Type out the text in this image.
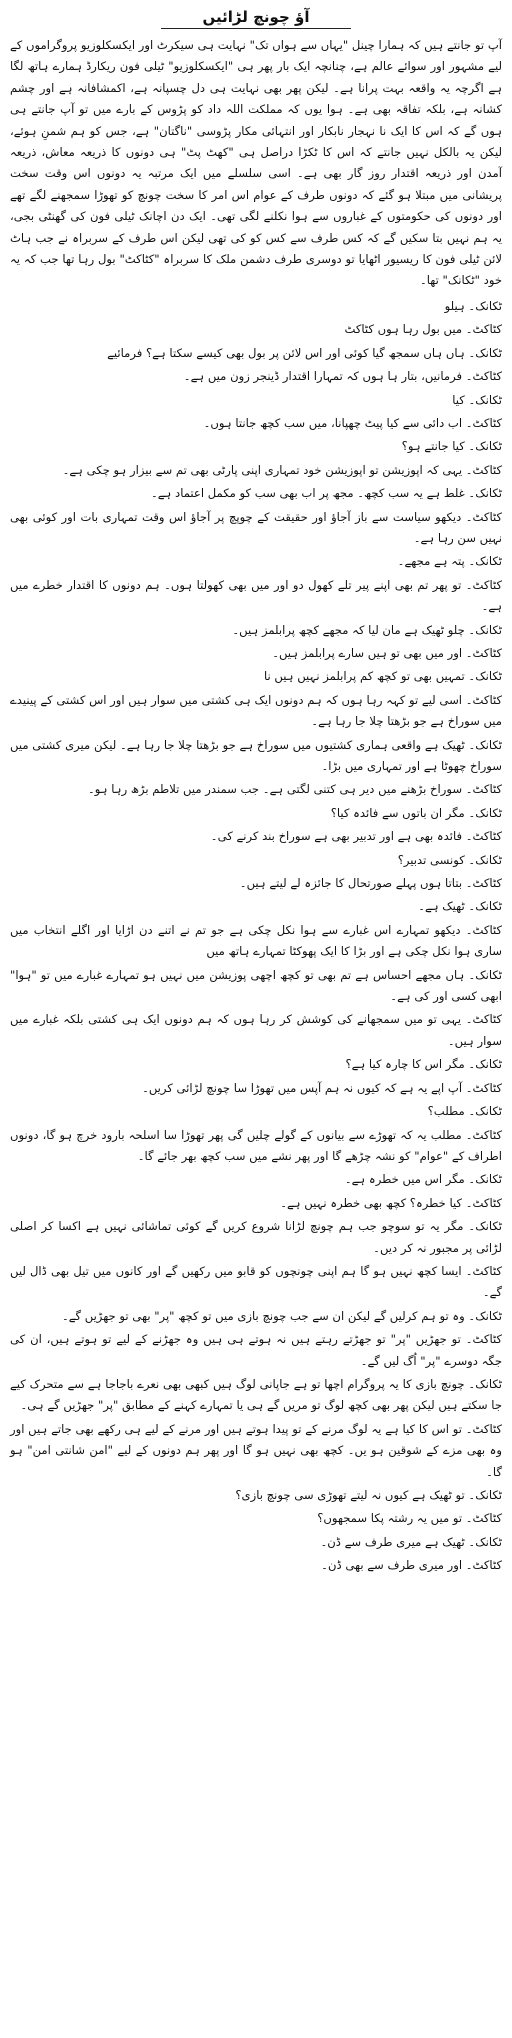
آؤ چونچ لڑائیں
آپ تو جانتے ہیں کہ ہمارا چینل "یہاں سے ہواں تک" نہایت ہی سیکرٹ اور ایکسکلوزیو پروگراموں کے لیے مشہور اور سوائے عالم ہے، چنانچہ ایک بار پھر ہی "ایکسکلوزیو" ٹیلی فون ریکارڈ ہمارے ہاتھ لگا ہے اگرچہ یہ واقعہ بہت پرانا ہے۔ لیکن پھر بھی نہایت ہی دل چسپانہ ہے، اکمشافانہ ہے اور چشم کشانہ ہے، بلکہ تفاقہ بھی ہے۔ ہوا یوں کہ مملکت اللہ داد کو پڑوس کے بارے میں تو آپ جانتے ہی ہوں گے کہ اس کا ایک نا نہجار نابکار اور انتہائی مکار پڑوسی "ناگتان" ہے، جس کو ہم شمنِ ہوئے، لیکن یہ بالکل نہیں جانتے کہ اس کا ٹکڑا دراصل ہی "کھٹ پٹ" ہی دونوں کا ذریعہ معاش، ذریعہ آمدن اور ذریعہ اقتدار روز گار بھی ہے۔ اسی سلسلے میں ایک مرتبہ یہ دونوں اس وقت سخت پریشانی میں مبتلا ہو گئے کہ دونوں طرف کے عوام اس امر کا سخت چونچ کو تھوڑا سمجھنے لگے تھے اور دونوں کی حکومتوں کے غباروں سے ہوا نکلنے لگی تھی۔ ایک دن اچانک ٹیلی فون کی گھنٹی بجی، یہ ہم نہیں بتا سکیں گے کہ کس طرف سے کس کو کی تھی لیکن اس طرف کے سربراہ نے جب ہاٹ لائن ٹیلی فون کا ریسیور اٹھایا تو دوسری طرف دشمن ملک کا سربراہ "کٹاکٹ" بول رہا تھا جب کہ یہ خود "ٹکانک" تھا۔
ٹکانک۔ ہیلو
کٹاکٹ۔ میں بول رہا ہوں کٹاکٹ
ٹکانک۔ ہاں ہاں سمجھ گیا کوئی اور اس لائن پر بول بھی کیسے سکتا ہے؟ فرمائیے
کٹاکٹ۔ فرمانیں، بتار ہا ہوں کہ تمہارا اقتدار ڈینجر زون میں ہے۔
ٹکانک۔ کیا
کٹاکٹ۔ اب دائی سے کیا پیٹ چھپانا، میں سب کچھ جانتا ہوں۔
ٹکانک۔ کیا جانتے ہو؟
کٹاکٹ۔ یہی کہ اپوزیشن تو اپوزیشن خود تمہاری اپنی پارٹی بھی تم سے بیزار ہو چکی ہے۔
ٹکانک۔ غلط ہے یہ سب کچھ۔ مجھ پر اب بھی سب کو مکمل اعتماد ہے۔
کٹاکٹ۔ دیکھو سیاست سے باز آجاؤ اور حقیقت کے چوپچ پر آجاؤ اس وقت تمہاری بات اور کوئی بھی نہیں سن رہا ہے۔
ٹکانک۔ پتہ ہے مجھے۔
کٹاکٹ۔ تو پھر تم بھی اپنے پیر تلے کھول دو اور میں بھی کھولتا ہوں۔ ہم دونوں کا اقتدار خطرے میں ہے۔
ٹکانک۔ چلو ٹھیک ہے مان لیا کہ مجھے کچھ پرابلمز ہیں۔
کٹاکٹ۔ اور میں بھی تو ہیں سارے پرابلمز ہیں۔
ٹکانک۔ تمہیں بھی تو کچھ کم پرابلمز نہیں ہیں نا
کٹاکٹ۔ اسی لیے تو کہہ رہا ہوں کہ ہم دونوں ایک ہی کشتی میں سوار ہیں اور اس کشتی کے پینیدے میں سوراخ ہے جو بڑھتا چلا جا رہا ہے۔
ٹکانک۔ ٹھیک ہے واقعی ہماری کشتیوں میں سوراخ ہے جو بڑھتا چلا جا رہا ہے۔ لیکن میری کشتی میں سوراخ چھوٹا ہے اور تمہاری میں بڑا۔
کٹاکٹ۔ سوراخ بڑھنے میں دیر ہی کتنی لگتی ہے۔ جب سمندر میں تلاطم بڑھ رہا ہو۔
ٹکانک۔ مگر ان باتوں سے فائدہ کیا؟
کٹاکٹ۔ فائدہ بھی ہے اور تدبیر بھی ہے سوراخ بند کرنے کی۔
ٹکانک۔ کونسی تدبیر؟
کٹاکٹ۔ بتاتا ہوں پہلے صورتحال کا جائزہ لے لیتے ہیں۔
ٹکانک۔ ٹھیک ہے۔
کٹاکٹ۔ دیکھو تمہارے اس غبارے سے ہوا نکل چکی ہے جو تم نے اتنے دن اڑایا اور اگلے انتخاب میں ساری ہوا نکل چکی ہے اور بڑا کا ایک پھوکٹا تمہارے ہاتھ میں
ٹکانک۔ ہاں مجھے احساس ہے تم بھی تو کچھ اچھی پوزیشن میں نہیں ہو تمہارے غبارے میں تو "ہوا" ابھی کسی اور کی ہے۔
کٹاکٹ۔ یہی تو میں سمجھانے کی کوشش کر رہا ہوں کہ ہم دونوں ایک ہی کشتی بلکہ غبارے میں سوار ہیں۔
ٹکانک۔ مگر اس کا چارہ کیا ہے؟
کٹاکٹ۔ آپ اپے یہ ہے کہ کیوں نہ ہم آپس میں تھوڑا سا چونچ لڑائی کریں۔
ٹکانک۔ مطلب؟
کٹاکٹ۔ مطلب یہ کہ تھوڑے سے بیانوں کے گولے چلیں گی پھر تھوڑا سا اسلحہ بارود خرچ ہو گا، دونوں اطراف کے "عوام" کو نشہ چڑھے گا اور پھر نشے میں سب کچھ بھر جائے گا۔
ٹکانک۔ مگر اس میں خطرہ ہے۔
کٹاکٹ۔ کیا خطرہ؟ کچھ بھی خطرہ نہیں ہے۔
ٹکانک۔ مگر یہ تو سوچو جب ہم چونچ لڑانا شروع کریں گے کوئی تماشائی نہیں ہے اکسا کر اصلی لڑائی پر مجبور نہ کر دیں۔
کٹاکٹ۔ ایسا کچھ نہیں ہو گا ہم اپنی چونچوں کو قابو میں رکھیں گے اور کانوں میں تیل بھی ڈال لیں گے۔
ٹکانک۔ وہ تو ہم کرلیں گے لیکن ان سے جب چونچ بازی میں تو کچھ "پر" بھی تو جھڑیں گے۔
کٹاکٹ۔ تو جھڑیں "پر" تو جھڑتے رہتے ہیں نہ ہوتے ہی ہیں وہ جھڑنے کے لیے تو ہوتے ہیں، ان کی جگہ دوسرے "پر" اُگ لیں گے۔
ٹکانک۔ چونچ بازی کا یہ پروگرام اچھا تو ہے جاپانی لوگ ہیں کبھی بھی نعرے باجاجا ہے سے متحرک کیے جا سکتے ہیں لیکن پھر بھی کچھ لوگ تو مریں گے ہی یا تمہارے کہنے کے مطابق "پر" جھڑیں گے ہی۔
کٹاکٹ۔ تو اس کا کیا ہے یہ لوگ مرنے کے تو پیدا ہوتے ہیں اور مرنے کے لیے ہی رکھے بھی جاتے ہیں اور وہ بھی مزے کے شوقین ہو یں۔ کچھ بھی نہیں ہو گا اور پھر ہم دونوں کے لیے "امن شانتی امن" ہو گا۔
ٹکانک۔ تو ٹھیک ہے کیوں نہ لیتے تھوڑی سی چونچ بازی؟
کٹاکٹ۔ تو میں یہ رشتہ پکا سمجھوں؟
ٹکانک۔ ٹھیک ہے میری طرف سے ڈن۔
کٹاکٹ۔ اور میری طرف سے بھی ڈن۔
